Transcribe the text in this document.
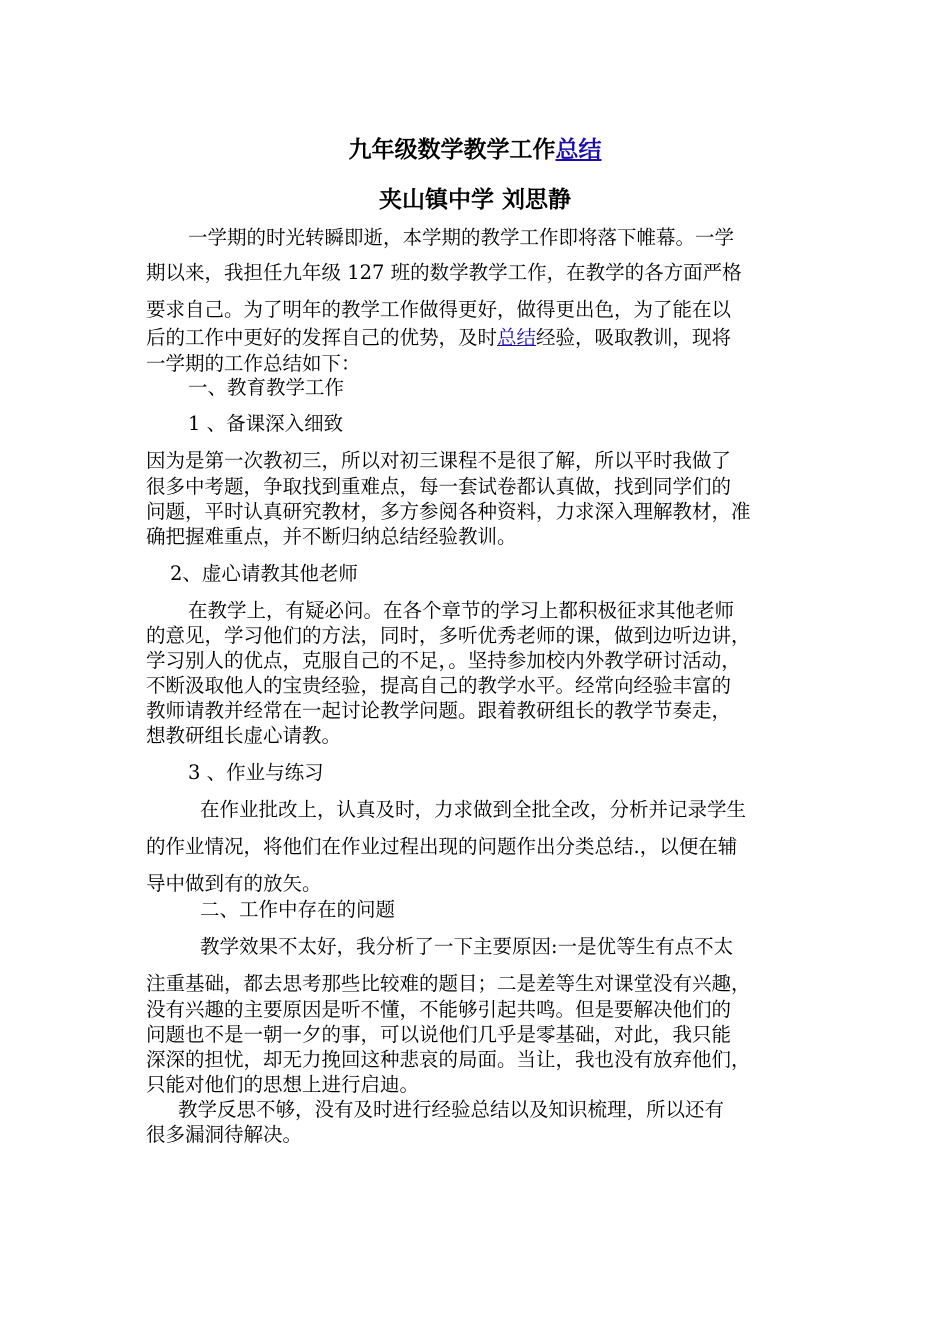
九年级数学教学工作总结
夹山镇中学 刘思静
一学期的时光转瞬即逝，本学期的教学工作即将落下帷幕。一学
期以来，我担任九年级 127 班的数学教学工作，在教学的各方面严格
要求自己。为了明年的教学工作做得更好，做得更出色，为了能在以
后的工作中更好的发挥自己的优势，及时总结经验，吸取教训，现将
一学期的工作总结如下：
一、教育教学工作
1 、备课深入细致
因为是第一次教初三，所以对初三课程不是很了解，所以平时我做了
很多中考题，争取找到重难点，每一套试卷都认真做，找到同学们的
问题，平时认真研究教材，多方参阅各种资料，力求深入理解教材，准
确把握难重点，并不断归纳总结经验教训。
2、虚心请教其他老师
在教学上，有疑必问。在各个章节的学习上都积极征求其他老师
的意见，学习他们的方法，同时，多听优秀老师的课，做到边听边讲，
学习别人的优点，克服自己的不足，。坚持参加校内外教学研讨活动，
不断汲取他人的宝贵经验，提高自己的教学水平。经常向经验丰富的
教师请教并经常在一起讨论教学问题。跟着教研组长的教学节奏走，
想教研组长虚心请教。
3 、作业与练习
在作业批改上，认真及时，力求做到全批全改，分析并记录学生
的作业情况，将他们在作业过程出现的问题作出分类总结.，以便在辅
导中做到有的放矢。
二、工作中存在的问题
教学效果不太好，我分析了一下主要原因:一是优等生有点不太
注重基础，都去思考那些比较难的题目；二是差等生对课堂没有兴趣，
没有兴趣的主要原因是听不懂，不能够引起共鸣。但是要解决他们的
问题也不是一朝一夕的事，可以说他们几乎是零基础，对此，我只能
深深的担忧，却无力挽回这种悲哀的局面。当让，我也没有放弃他们，
只能对他们的思想上进行启迪。
教学反思不够，没有及时进行经验总结以及知识梳理，所以还有
很多漏洞待解决。
